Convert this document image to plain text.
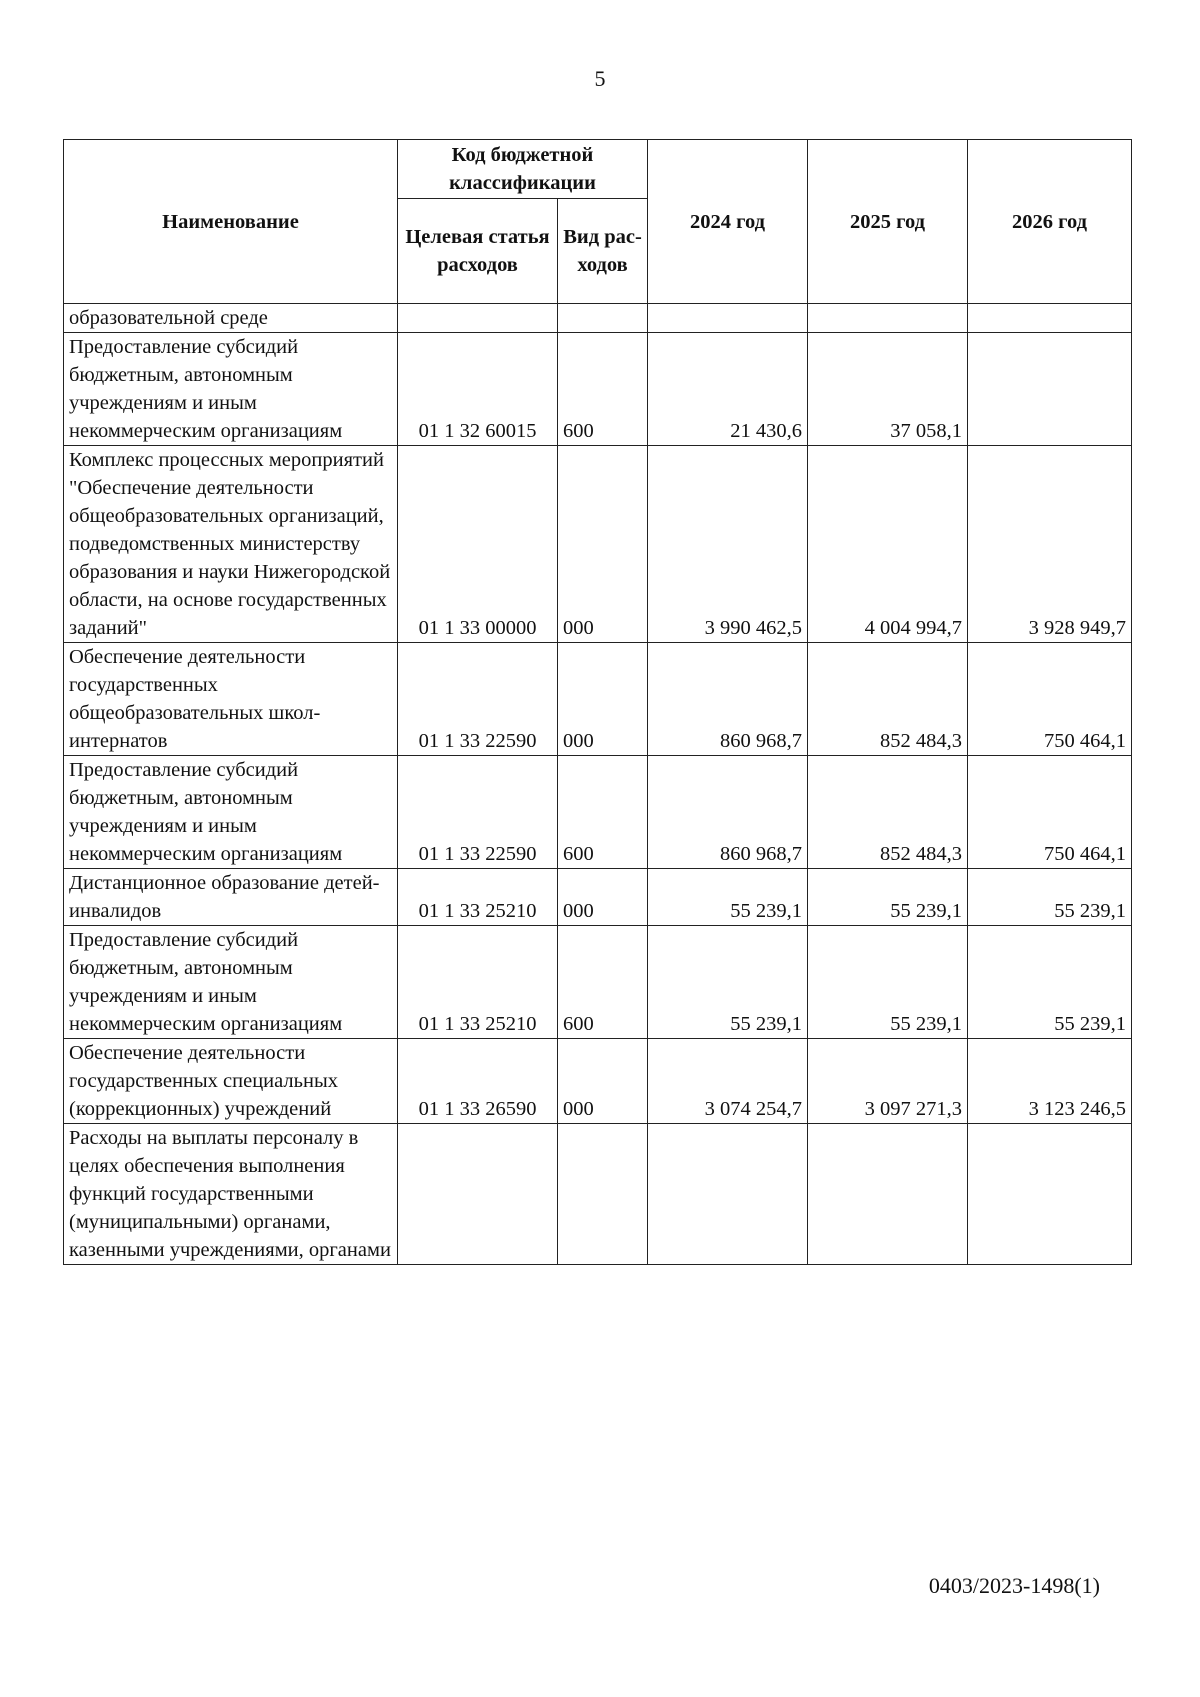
5
Наименование	Код бюджетной классификации		2024 год	2025 год	2026 год
	Целевая статья расходов	Вид рас-ходов			
образовательной среде					
Предоставление субсидий бюджетным, автономным учреждениям и иным некоммерческим организациям	01 1 32 60015	600	21 430,6	37 058,1	
Комплекс процессных мероприятий "Обеспечение деятельности общеобразовательных организаций, подведомственных министерству образования и науки Нижегородской области, на основе государственных заданий"	01 1 33 00000	000	3 990 462,5	4 004 994,7	3 928 949,7
Обеспечение деятельности государственных общеобразовательных школ-интернатов	01 1 33 22590	000	860 968,7	852 484,3	750 464,1
Предоставление субсидий бюджетным, автономным учреждениям и иным некоммерческим организациям	01 1 33 22590	600	860 968,7	852 484,3	750 464,1
Дистанционное образование детей-инвалидов	01 1 33 25210	000	55 239,1	55 239,1	55 239,1
Предоставление субсидий бюджетным, автономным учреждениям и иным некоммерческим организациям	01 1 33 25210	600	55 239,1	55 239,1	55 239,1
Обеспечение деятельности государственных специальных (коррекционных) учреждений	01 1 33 26590	000	3 074 254,7	3 097 271,3	3 123 246,5
Расходы на выплаты персоналу в целях обеспечения выполнения функций государственными (муниципальными) органами, казенными учреждениями, органами					
0403/2023-1498(1)
